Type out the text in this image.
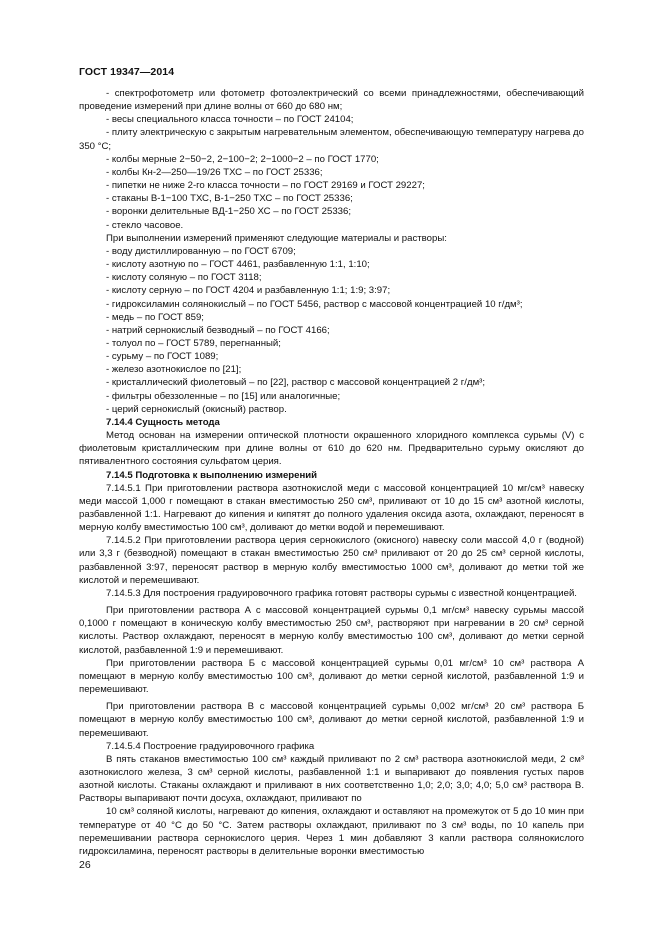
ГОСТ 19347—2014

- спектрофотометр или фотометр фотоэлектрический со всеми принадлежностями, обеспечивающий проведение измерений при длине волны от 660 до 680 нм;

- весы специального класса точности – по ГОСТ 24104;

- плиту электрическую с закрытым нагревательным элементом, обеспечивающую температуру нагрева до 350 °С;

- колбы мерные 2−50−2, 2−100−2; 2−1000−2 – по ГОСТ 1770;

- колбы Кн-2—250—19/26 ТХС – по ГОСТ 25336;

- пипетки не ниже 2-го класса точности – по ГОСТ 29169 и ГОСТ 29227;

- стаканы В-1−100 ТХС, В-1−250 ТХС – по ГОСТ 25336;

- воронки делительные ВД-1−250 ХС – по ГОСТ 25336;

- стекло часовое.

При выполнении измерений применяют следующие материалы и растворы:

- воду дистиллированную – по ГОСТ 6709;

- кислоту азотную по – ГОСТ 4461, разбавленную 1:1, 1:10;

- кислоту соляную – по ГОСТ 3118;

- кислоту серную – по ГОСТ 4204 и разбавленную 1:1; 1:9; 3:97;

- гидроксиламин солянокислый – по ГОСТ 5456, раствор с массовой концентрацией 10 г/дм³;

- медь – по ГОСТ 859;

- натрий сернокислый безводный – по ГОСТ 4166;

- толуол по – ГОСТ 5789, перегнанный;

- сурьму – по ГОСТ 1089;

- железо азотнокислое по [21];

- кристаллический фиолетовый – по [22], раствор с массовой концентрацией 2 г/дм³;

- фильтры обеззоленные – по [15] или аналогичные;

- церий сернокислый (окисный) раствор.

7.14.4 Сущность метода

Метод основан на измерении оптической плотности окрашенного хлоридного комплекса сурьмы (V) с фиолетовым кристаллическим при длине волны от 610 до 620 нм. Предварительно сурьму окисляют до пятивалентного состояния сульфатом церия.

7.14.5 Подготовка к выполнению измерений

7.14.5.1 При приготовлении раствора азотнокислой меди с массовой концентрацией 10 мг/см³ навеску меди массой 1,000 г помещают в стакан вместимостью 250 см³, приливают от 10 до 15 см³ азотной кислоты, разбавленной 1:1. Нагревают до кипения и кипятят до полного удаления оксида азота, охлаждают, переносят в мерную колбу вместимостью 100 см³, доливают до метки водой и перемешивают.

7.14.5.2 При приготовлении раствора церия сернокислого (окисного) навеску соли массой 4,0 г (водной) или 3,3 г (безводной) помещают в стакан вместимостью 250 см³ приливают от 20 до 25 см³ серной кислоты, разбавленной 3:97, переносят раствор в мерную колбу вместимостью 1000 см³, доливают до метки той же кислотой и перемешивают.

7.14.5.3 Для построения градуировочного графика готовят растворы сурьмы с известной концентрацией.

При приготовлении раствора А с массовой концентрацией сурьмы 0,1 мг/см³ навеску сурьмы массой 0,1000 г помещают в коническую колбу вместимостью 250 см³, растворяют при нагревании в 20 см³ серной кислоты. Раствор охлаждают, переносят в мерную колбу вместимостью 100 см³, доливают до метки серной кислотой, разбавленной 1:9 и перемешивают.

При приготовлении раствора Б с массовой концентрацией сурьмы 0,01 мг/см³ 10 см³ раствора А помещают в мерную колбу вместимостью 100 см³, доливают до метки серной кислотой, разбавленной 1:9 и перемешивают.

При приготовлении раствора В с массовой концентрацией сурьмы 0,002 мг/см³ 20 см³ раствора Б помещают в мерную колбу вместимостью 100 см³, доливают до метки серной кислотой, разбавленной 1:9 и перемешивают.

7.14.5.4 Построение градуировочного графика

В пять стаканов вместимостью 100 см³ каждый приливают по 2 см³ раствора азотнокислой меди, 2 см³ азотнокислого железа, 3 см³ серной кислоты, разбавленной 1:1 и выпаривают до появления густых паров азотной кислоты. Стаканы охлаждают и приливают в них соответственно 1,0; 2,0; 3,0; 4,0; 5,0 см³ раствора В. Растворы выпаривают почти досуха, охлаждают, приливают по

10 см³ соляной кислоты, нагревают до кипения, охлаждают и оставляют на промежуток от 5 до 10 мин при температуре от 40 °С до 50 °С. Затем растворы охлаждают, приливают по 3 см³ воды, по 10 капель при перемешивании раствора сернокислого церия. Через 1 мин добавляют 3 капли раствора солянокислого гидроксиламина, переносят растворы в делительные воронки вместимостью

26
